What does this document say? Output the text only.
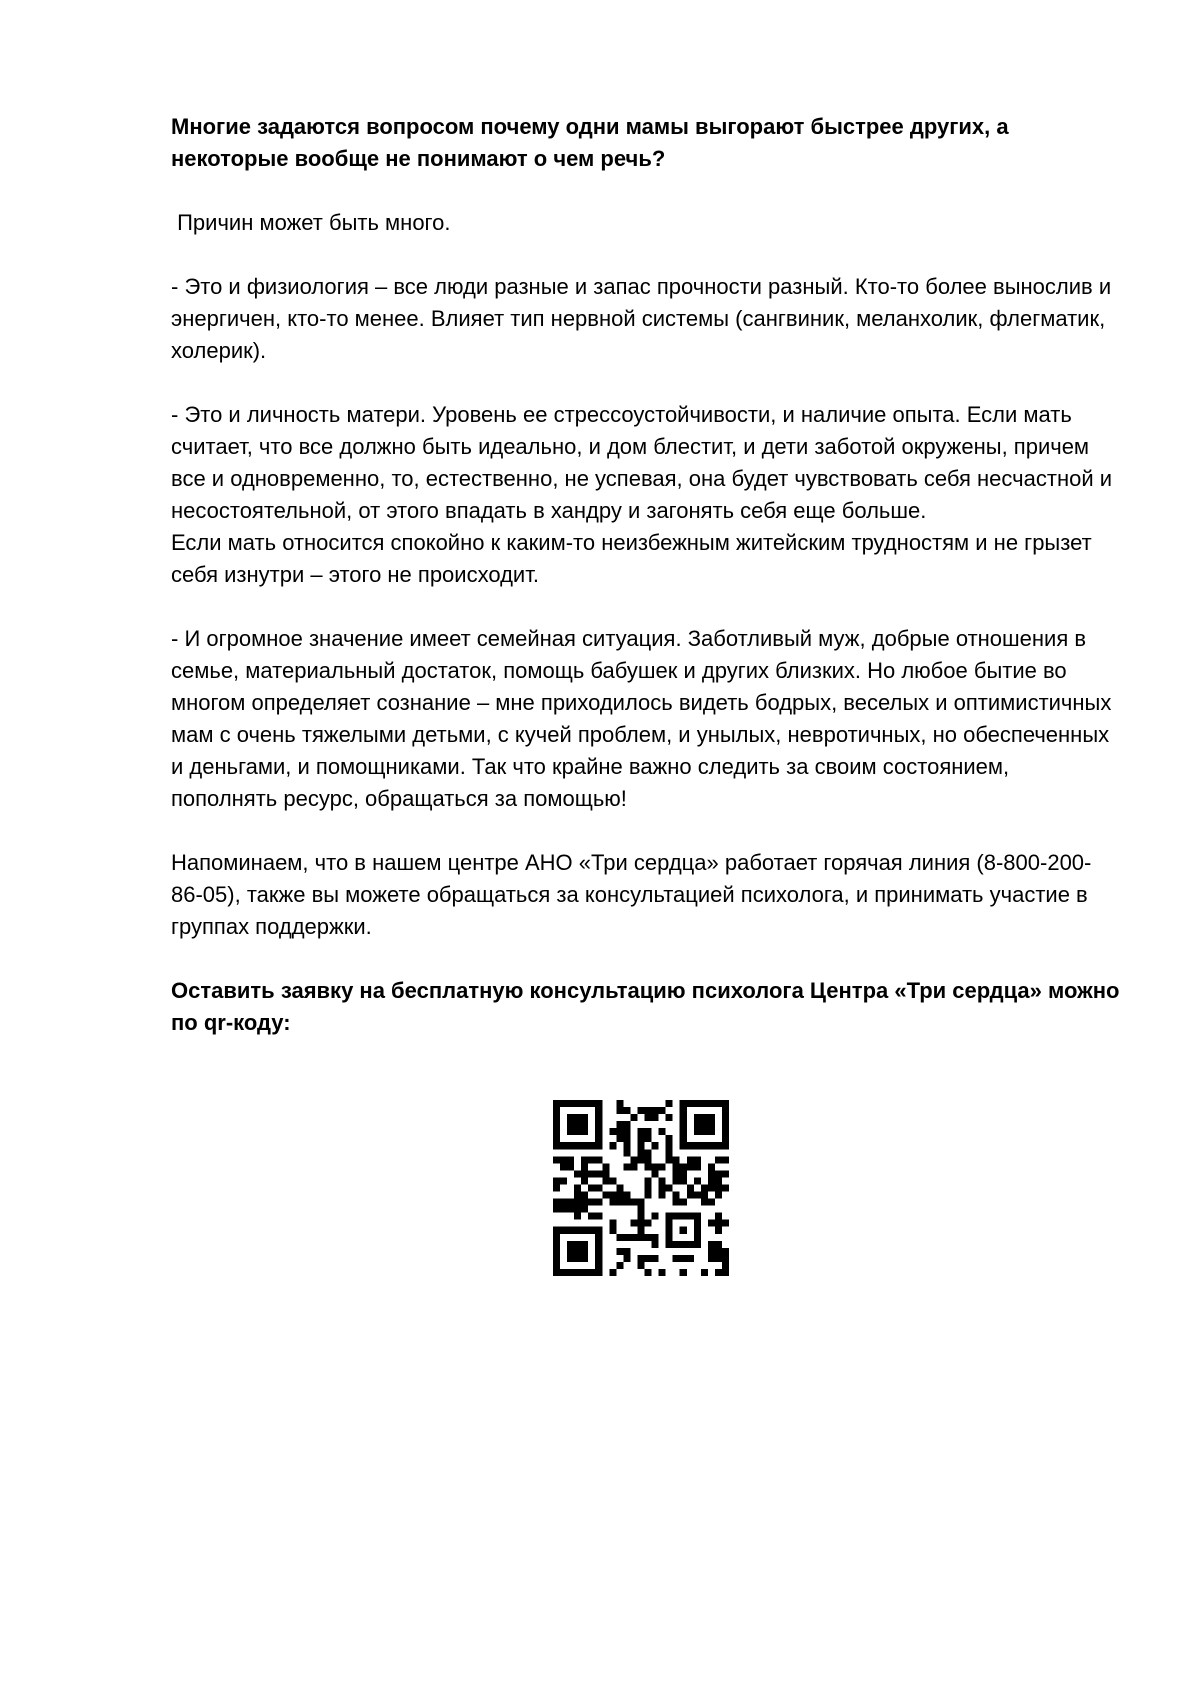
Многие задаются вопросом почему одни мамы выгорают быстрее других, а некоторые вообще не понимают о чем речь?

Причин может быть много.

- Это и физиология – все люди разные и запас прочности разный. Кто-то более вынослив и энергичен, кто-то менее. Влияет тип нервной системы (сангвиник, меланхолик, флегматик, холерик).

- Это и личность матери. Уровень ее стрессоустойчивости, и наличие опыта. Если мать считает, что все должно быть идеально, и дом блестит, и дети заботой окружены, причем все и одновременно, то, естественно, не успевая, она будет чувствовать себя несчастной и несостоятельной, от этого впадать в хандру и загонять себя еще больше.

Если мать относится спокойно к каким-то неизбежным житейским трудностям и не грызет себя изнутри – этого не происходит.

- И огромное значение имеет семейная ситуация. Заботливый муж, добрые отношения в семье, материальный достаток, помощь бабушек и других близких. Но любое бытие во многом определяет сознание – мне приходилось видеть бодрых, веселых и оптимистичных мам с очень тяжелыми детьми, с кучей проблем, и унылых, невротичных, но обеспеченных и деньгами, и помощниками. Так что крайне важно следить за своим состоянием, пополнять ресурс, обращаться за помощью!

Напоминаем, что в нашем центре АНО «Три сердца» работает горячая линия (8-800-200-86-05), также вы можете обращаться за консультацией психолога, и принимать участие в группах поддержки.

Оставить заявку на бесплатную консультацию психолога Центра «Три сердца» можно по qr-коду:
